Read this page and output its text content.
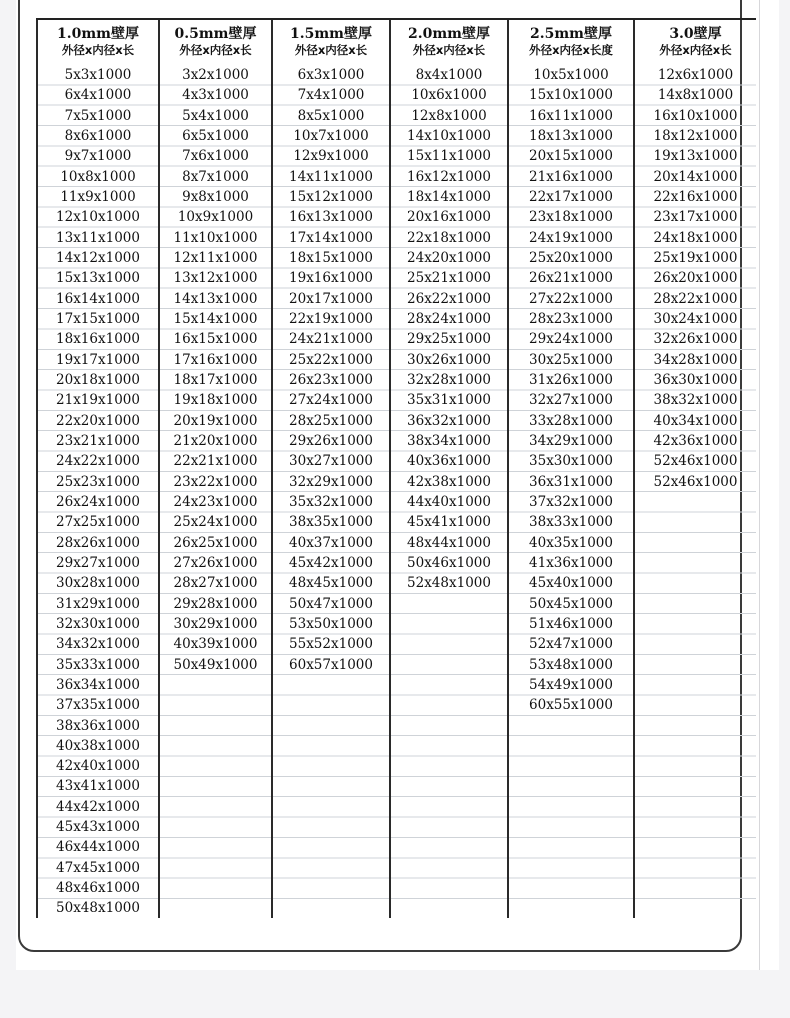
1.0mm壁厚
外径x内径x长
5x3x1000
6x4x1000
7x5x1000
8x6x1000
9x7x1000
10x8x1000
11x9x1000
12x10x1000
13x11x1000
14x12x1000
15x13x1000
16x14x1000
17x15x1000
18x16x1000
19x17x1000
20x18x1000
21x19x1000
22x20x1000
23x21x1000
24x22x1000
25x23x1000
26x24x1000
27x25x1000
28x26x1000
29x27x1000
30x28x1000
31x29x1000
32x30x1000
34x32x1000
35x33x1000
36x34x1000
37x35x1000
38x36x1000
40x38x1000
42x40x1000
43x41x1000
44x42x1000
45x43x1000
46x44x1000
47x45x1000
48x46x1000
50x48x1000
0.5mm壁厚
外径x内径x长
3x2x1000
4x3x1000
5x4x1000
6x5x1000
7x6x1000
8x7x1000
9x8x1000
10x9x1000
11x10x1000
12x11x1000
13x12x1000
14x13x1000
15x14x1000
16x15x1000
17x16x1000
18x17x1000
19x18x1000
20x19x1000
21x20x1000
22x21x1000
23x22x1000
24x23x1000
25x24x1000
26x25x1000
27x26x1000
28x27x1000
29x28x1000
30x29x1000
40x39x1000
50x49x1000
1.5mm壁厚
外径x内径x长
6x3x1000
7x4x1000
8x5x1000
10x7x1000
12x9x1000
14x11x1000
15x12x1000
16x13x1000
17x14x1000
18x15x1000
19x16x1000
20x17x1000
22x19x1000
24x21x1000
25x22x1000
26x23x1000
27x24x1000
28x25x1000
29x26x1000
30x27x1000
32x29x1000
35x32x1000
38x35x1000
40x37x1000
45x42x1000
48x45x1000
50x47x1000
53x50x1000
55x52x1000
60x57x1000
2.0mm壁厚
外径x内径x长
8x4x1000
10x6x1000
12x8x1000
14x10x1000
15x11x1000
16x12x1000
18x14x1000
20x16x1000
22x18x1000
24x20x1000
25x21x1000
26x22x1000
28x24x1000
29x25x1000
30x26x1000
32x28x1000
35x31x1000
36x32x1000
38x34x1000
40x36x1000
42x38x1000
44x40x1000
45x41x1000
48x44x1000
50x46x1000
52x48x1000
2.5mm壁厚
外径x内径x长度
10x5x1000
15x10x1000
16x11x1000
18x13x1000
20x15x1000
21x16x1000
22x17x1000
23x18x1000
24x19x1000
25x20x1000
26x21x1000
27x22x1000
28x23x1000
29x24x1000
30x25x1000
31x26x1000
32x27x1000
33x28x1000
34x29x1000
35x30x1000
36x31x1000
37x32x1000
38x33x1000
40x35x1000
41x36x1000
45x40x1000
50x45x1000
51x46x1000
52x47x1000
53x48x1000
54x49x1000
60x55x1000
3.0壁厚
外径x内径x长
12x6x1000
14x8x1000
16x10x1000
18x12x1000
19x13x1000
20x14x1000
22x16x1000
23x17x1000
24x18x1000
25x19x1000
26x20x1000
28x22x1000
30x24x1000
32x26x1000
34x28x1000
36x30x1000
38x32x1000
40x34x1000
42x36x1000
52x46x1000
52x46x1000
